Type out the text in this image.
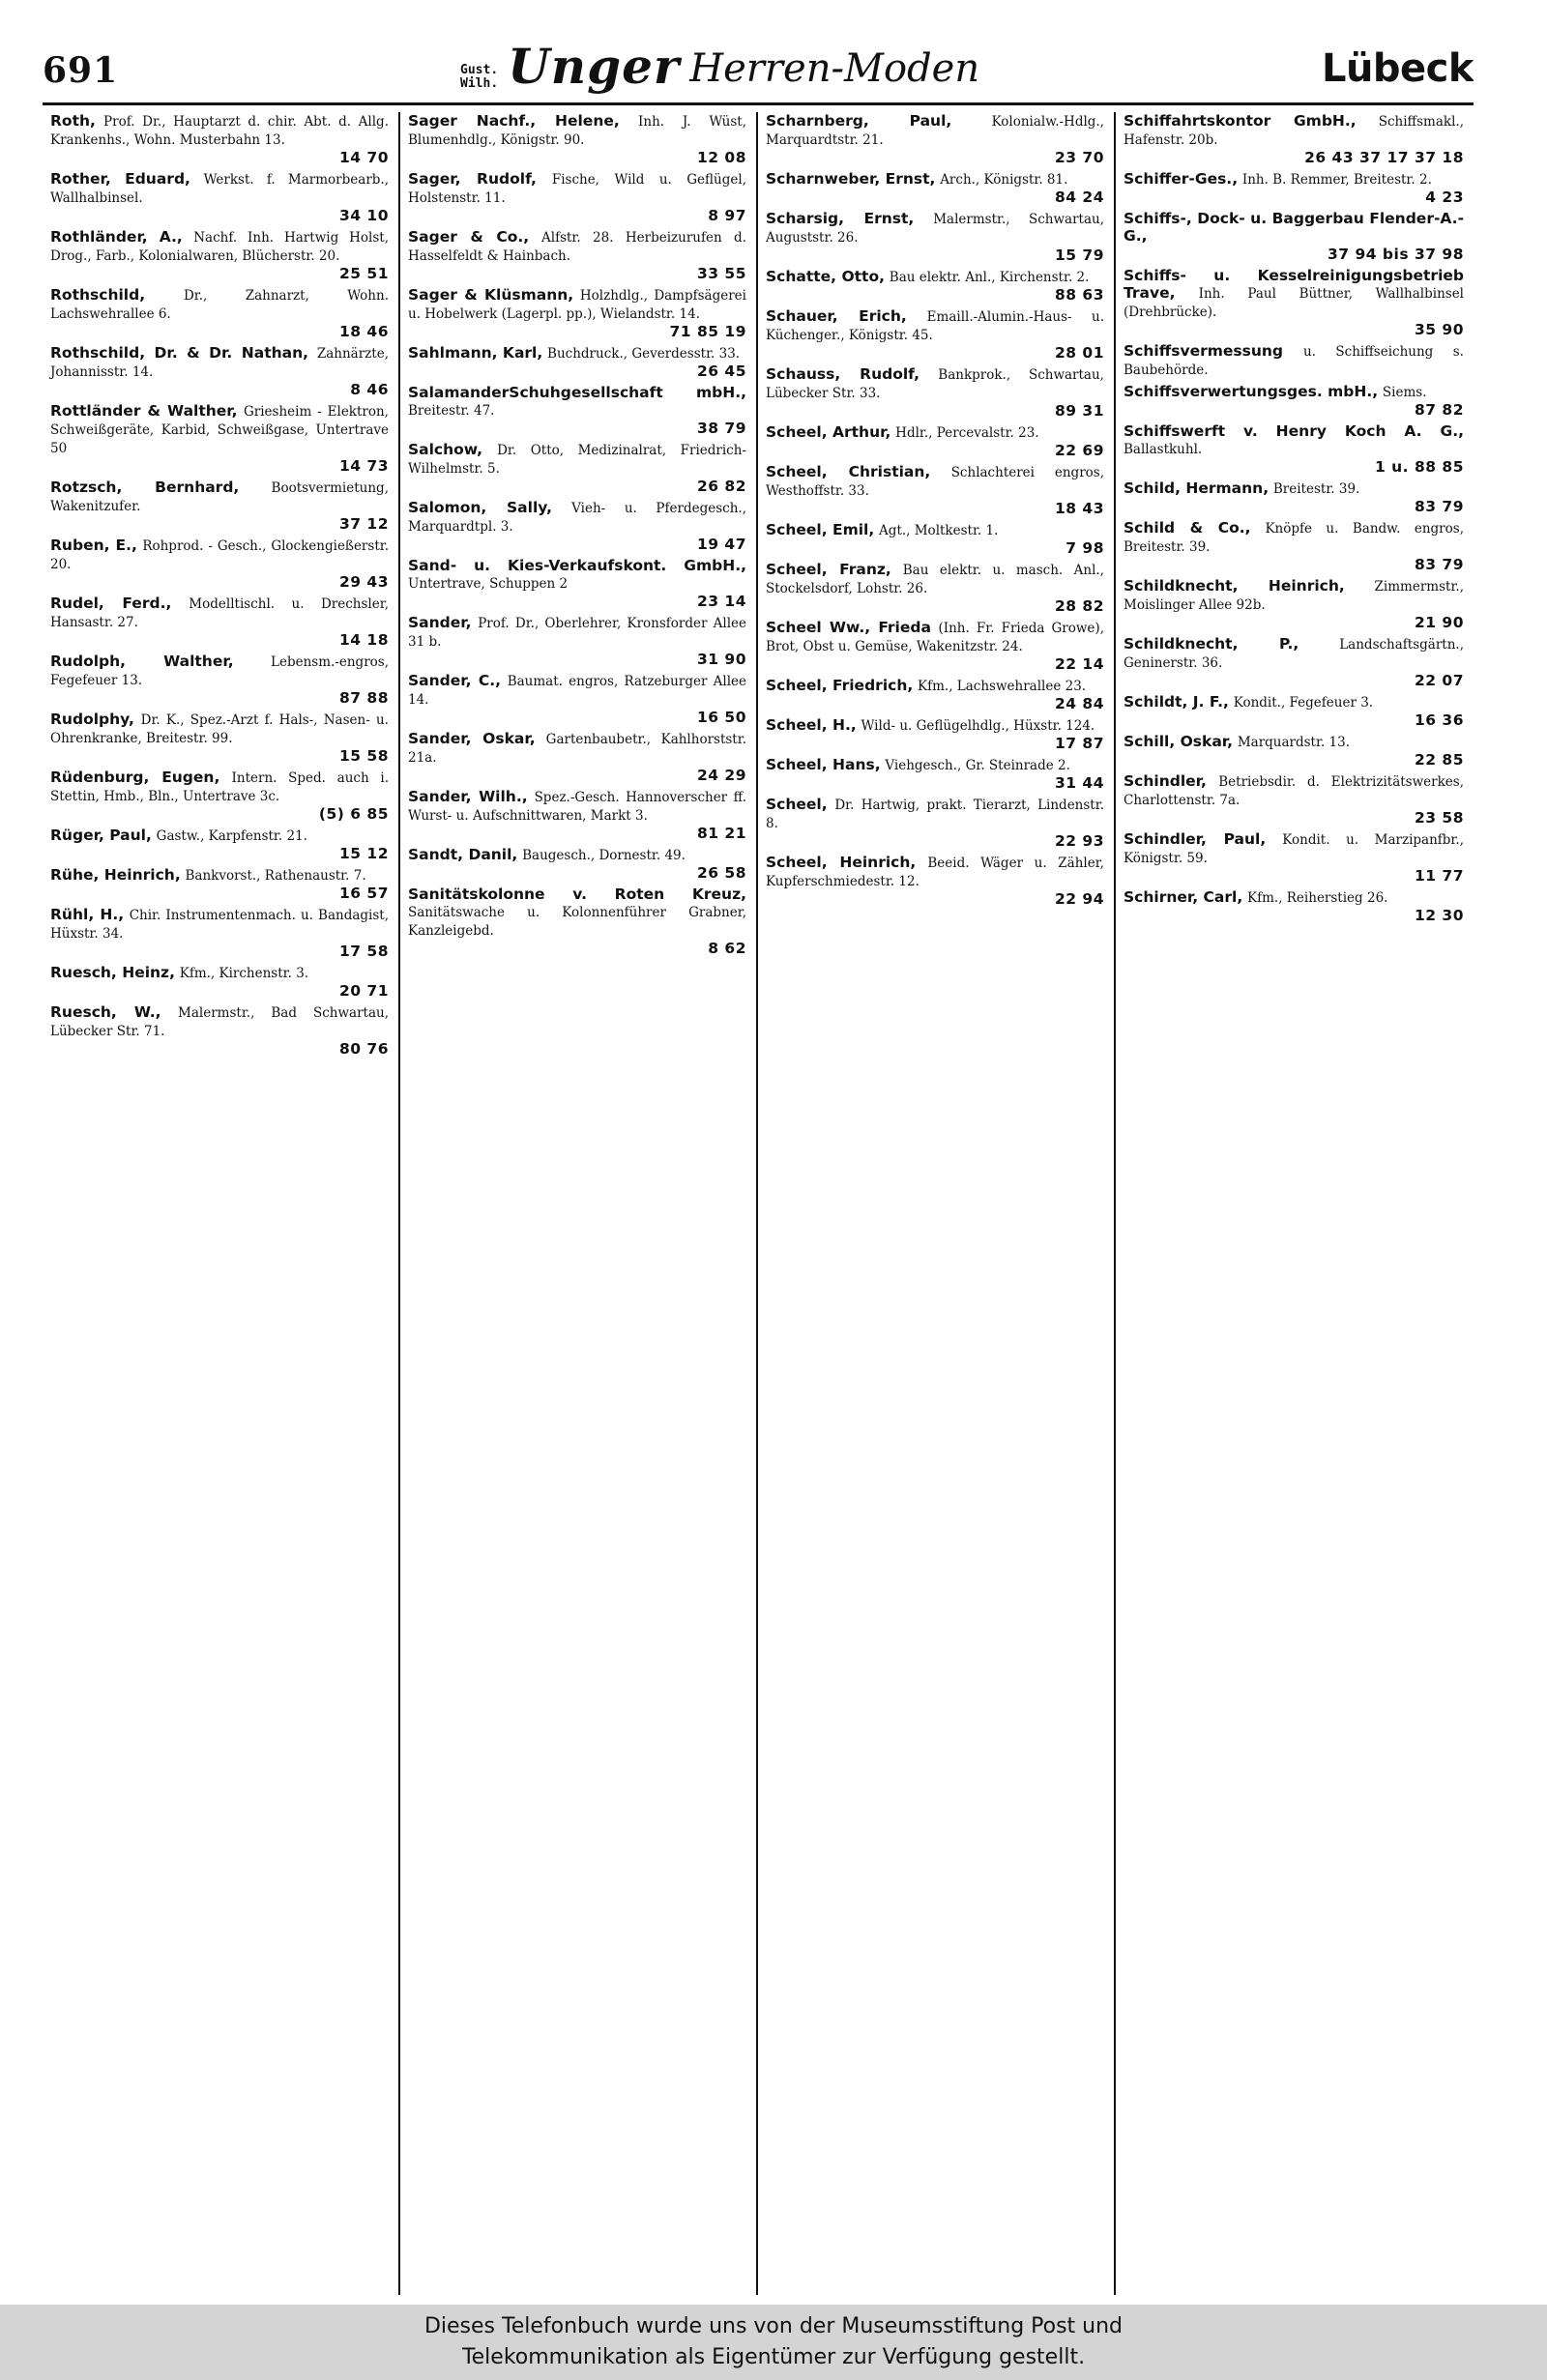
691	Gust.
Wilh. Unger Herren-Moden	Lübeck
Roth, Prof. Dr., Hauptarzt d. chir. Abt. d. Allg. Krankenhs., Wohn. Musterbahn 13.
14 70
Rother, Eduard, Werkst. f. Marmorbearb., Wallhalbinsel.
34 10
Rothländer, A., Nachf. Inh. Hartwig Holst, Drog., Farb., Kolonialwaren, Blücherstr. 20.
25 51
Rothschild,	Dr., Zahnarzt, Wohn. Lachswehrallee 6.
18 46
Rothschild, Dr. & Dr. Nathan, Zahnärzte, Johannisstr. 14.
8 46
Rottländer & Walther, Griesheim - Elektron, Schweißgeräte, Karbid, Schweißgase, Untertrave 50
14 73
Rotzsch, Bernhard, Bootsvermietung, Wakenitzufer.
37 12
Ruben, E., Rohprod. - Gesch., Glockengießerstr. 20.
29 43
Rudel, Ferd., Modelltischl. u. Drechsler, Hansastr. 27.
14 18
Rudolph, Walther,	Lebensm.-engros, Fegefeuer 13.
87 88
Rudolphy, Dr. K., Spez.-Arzt f. Hals-, Nasen- u. Ohrenkranke, Breitestr. 99.
15 58
Rüdenburg, Eugen, Intern. Sped. auch i. Stettin, Hmb., Bln., Untertrave 3c.
(5) 6 85
Rüger, Paul, Gastw., Karpfenstr. 21.
15 12
Rühe, Heinrich, Bankvorst., Rathenaustr. 7.
16 57
Rühl, H., Chir. Instrumentenmach. u. Bandagist, Hüxstr. 34.
17 58
Ruesch, Heinz, Kfm., Kirchenstr. 3.
20 71
Ruesch, W., Malermstr., Bad Schwartau, Lübecker Str. 71.
80 76
Sager Nachf., Helene, Inh. J. Wüst, Blumenhdlg., Königstr. 90.
12 08
Sager, Rudolf, Fische, Wild u. Geflügel, Holstenstr. 11.
8 97
Sager & Co., Alfstr. 28. Herbeizurufen d. Hasselfeldt & Hainbach.
33 55
Sager & Klüsmann, Holzhdlg., Dampfsägerei u. Hobelwerk (Lagerpl. pp.), Wielandstr. 14.
71 85 19
Sahlmann, Karl, Buchdruck., Geverdesstr. 33.
26 45
SalamanderSchuhgesellschaft mbH., Breitestr. 47.
38 79
Salchow, Dr. Otto, Medizinalrat, Friedrich-Wilhelmstr. 5.
26 82
Salomon, Sally, Vieh- u. Pferdegesch., Marquardtpl. 3.
19 47
Sand- u. Kies-Verkaufskont. GmbH., Untertrave, Schuppen 2
23 14
Sander, Prof. Dr., Oberlehrer, Kronsforder Allee 31 b.
31 90
Sander, C., Baumat. engros, Ratzeburger Allee 14.
16 50
Sander, Oskar, Gartenbaubetr., Kahlhorststr. 21a.
24 29
Sander, Wilh., Spez.-Gesch. Hannoverscher ff. Wurst- u. Aufschnittwaren, Markt 3.
81 21
Sandt, Danil, Baugesch., Dornestr. 49.
26 58
Sanitätskolonne v. Roten Kreuz, Sanitätswache u. Kolonnenführer Grabner, Kanzleigebd.
8 62
Scharnberg, Paul,	Kolonialw.-Hdlg., Marquardtstr. 21.
23 70
Scharnweber, Ernst, Arch., Königstr. 81.
84 24
Scharsig, Ernst, Malermstr., Schwartau, Auguststr. 26.
15 79
Schatte, Otto, Bau elektr. Anl., Kirchenstr. 2.
88 63
Schauer, Erich, Emaill.-Alumin.-Haus- u. Küchenger., Königstr. 45.
28 01
Schauss, Rudolf, Bankprok., Schwartau, Lübecker Str. 33.
89 31
Scheel, Arthur, Hdlr., Percevalstr. 23.
22 69
Scheel, Christian, Schlachterei engros, Westhoffstr. 33.
18 43
Scheel, Emil, Agt., Moltkestr. 1.
7 98
Scheel, Franz, Bau elektr. u. masch. Anl., Stockelsdorf, Lohstr. 26.
28 82
Scheel Ww., Frieda (Inh. Fr. Frieda Growe), Brot, Obst u. Gemüse, Wakenitzstr. 24.
22 14
Scheel, Friedrich, Kfm., Lachswehrallee 23.
24 84
Scheel, H., Wild- u. Geflügelhdlg., Hüxstr. 124.
17 87
Scheel, Hans, Viehgesch., Gr. Steinrade 2.
31 44
Scheel, Dr. Hartwig, prakt. Tierarzt, Lindenstr. 8.
22 93
Scheel, Heinrich, Beeid. Wäger u. Zähler, Kupferschmiedestr. 12.
22 94
Schiffahrtskontor GmbH., Schiffsmakl., Hafenstr. 20b.
26 43 37 17 37 18
Schiffer-Ges., Inh. B. Remmer, Breitestr. 2.
4 23
Schiffs-, Dock- u. Baggerbau Flender-A.-G.,
37 94 bis 37 98
Schiffs- u. Kesselreinigungsbetrieb Trave, Inh. Paul Büttner, Wallhalbinsel (Drehbrücke).
35 90
Schiffsvermessung u. Schiffseichung s. Baubehörde.
Schiffsverwertungsges. mbH., Siems.
87 82
Schiffswerft v. Henry Koch A. G., Ballastkuhl.
1 u. 88 85
Schild, Hermann, Breitestr. 39.
83 79
Schild & Co., Knöpfe u. Bandw. engros, Breitestr. 39.
83 79
Schildknecht, Heinrich, Zimmermstr., Moislinger Allee 92b.
21 90
Schildknecht, P.,	Landschaftsgärtn., Geninerstr. 36.
22 07
Schildt, J. F., Kondit., Fegefeuer 3.
16 36
Schill, Oskar, Marquardstr. 13.
22 85
Schindler, Betriebsdir. d. Elektrizitätswerkes, Charlottenstr. 7a.
23 58
Schindler, Paul, Kondit. u. Marzipanfbr., Königstr. 59.
11 77
Schirner, Carl, Kfm., Reiherstieg 26.
12 30
Dieses Telefonbuch wurde uns von der Museumsstiftung Post und
Telekommunikation als Eigentümer zur Verfügung gestellt.
